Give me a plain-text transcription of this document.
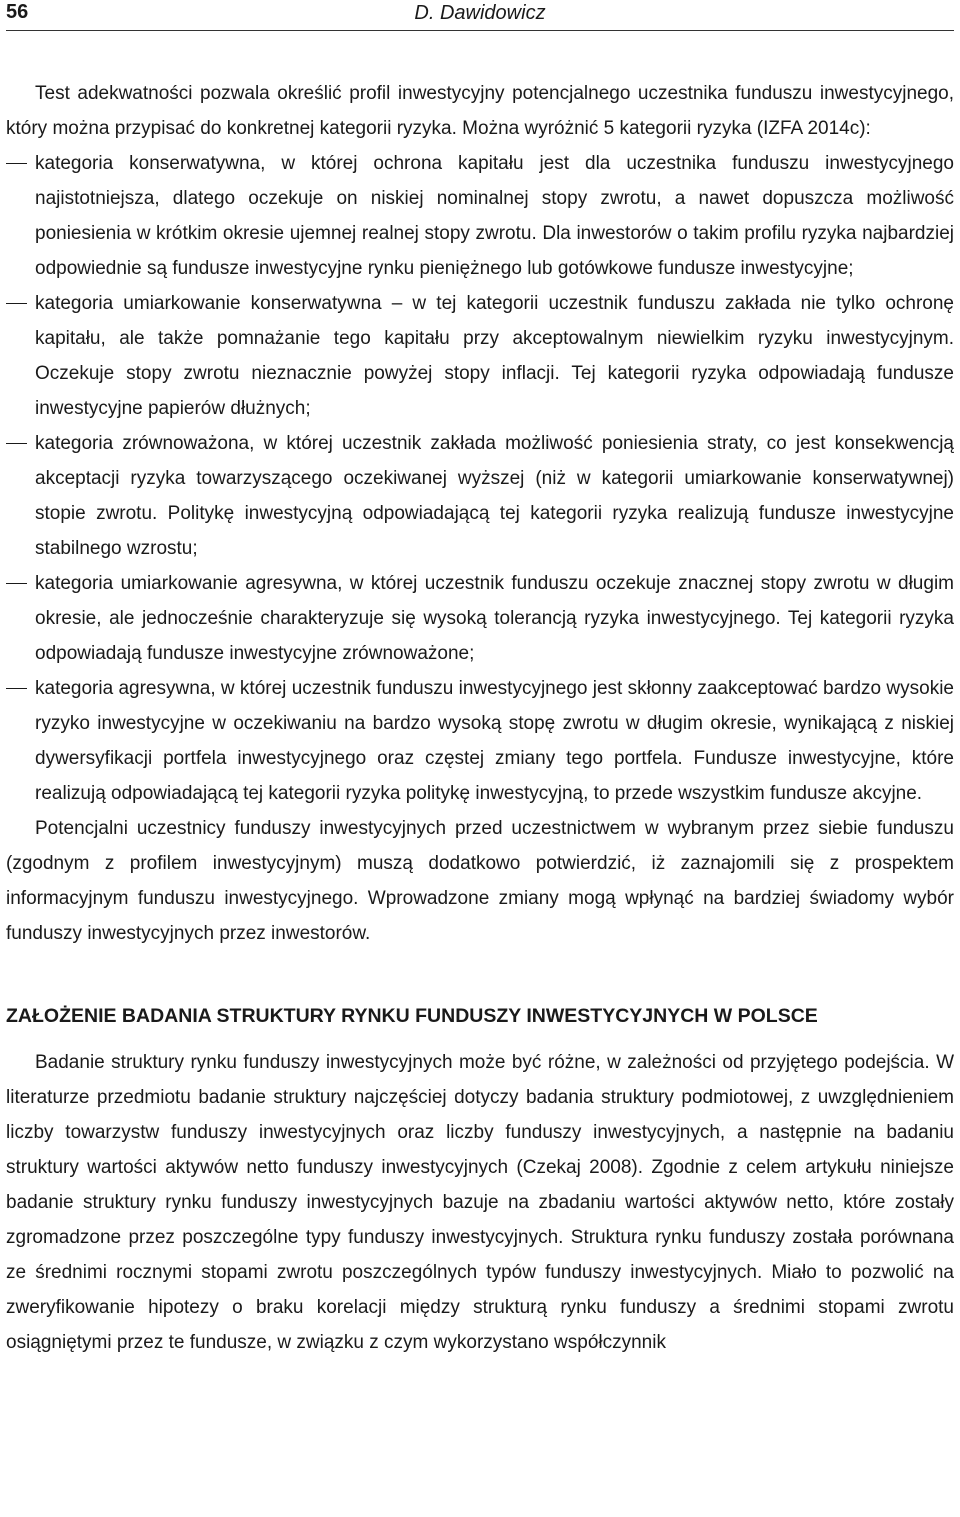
56	D. Dawidowicz

Test adekwatności pozwala określić profil inwestycyjny potencjalnego uczestnika funduszu inwestycyjnego, który można przypisać do konkretnej kategorii ryzyka. Można wyróżnić 5 kategorii ryzyka (IZFA 2014c):

kategoria konserwatywna, w której ochrona kapitału jest dla uczestnika funduszu inwestycyjnego najistotniejsza, dlatego oczekuje on niskiej nominalnej stopy zwrotu, a nawet dopuszcza możliwość poniesienia w krótkim okresie ujemnej realnej stopy zwrotu. Dla inwestorów o takim profilu ryzyka najbardziej odpowiednie są fundusze inwestycyjne rynku pieniężnego lub gotówkowe fundusze inwestycyjne;
kategoria umiarkowanie konserwatywna – w tej kategorii uczestnik funduszu zakłada nie tylko ochronę kapitału, ale także pomnażanie tego kapitału przy akceptowalnym niewielkim ryzyku inwestycyjnym. Oczekuje stopy zwrotu nieznacznie powyżej stopy inflacji. Tej kategorii ryzyka odpowiadają fundusze inwestycyjne papierów dłużnych;
kategoria zrównoważona, w której uczestnik zakłada możliwość poniesienia straty, co jest konsekwencją akceptacji ryzyka towarzyszącego oczekiwanej wyższej (niż w kategorii umiarkowanie konserwatywnej) stopie zwrotu. Politykę inwestycyjną odpowiadającą tej kategorii ryzyka realizują fundusze inwestycyjne stabilnego wzrostu;
kategoria umiarkowanie agresywna, w której uczestnik funduszu oczekuje znacznej stopy zwrotu w długim okresie, ale jednocześnie charakteryzuje się wysoką tolerancją ryzyka inwestycyjnego. Tej kategorii ryzyka odpowiadają fundusze inwestycyjne zrównoważone;
kategoria agresywna, w której uczestnik funduszu inwestycyjnego jest skłonny zaakceptować bardzo wysokie ryzyko inwestycyjne w oczekiwaniu na bardzo wysoką stopę zwrotu w długim okresie, wynikającą z niskiej dywersyfikacji portfela inwestycyjnego oraz częstej zmiany tego portfela. Fundusze inwestycyjne, które realizują odpowiadającą tej kategorii ryzyka politykę inwestycyjną, to przede wszystkim fundusze akcyjne.

Potencjalni uczestnicy funduszy inwestycyjnych przed uczestnictwem w wybranym przez siebie funduszu (zgodnym z profilem inwestycyjnym) muszą dodatkowo potwierdzić, iż zaznajomili się z prospektem informacyjnym funduszu inwestycyjnego. Wprowadzone zmiany mogą wpłynąć na bardziej świadomy wybór funduszy inwestycyjnych przez inwestorów.

ZAŁOŻENIE BADANIA STRUKTURY RYNKU FUNDUSZY INWESTYCYJNYCH W POLSCE

Badanie struktury rynku funduszy inwestycyjnych może być różne, w zależności od przyjętego podejścia. W literaturze przedmiotu badanie struktury najczęściej dotyczy badania struktury podmiotowej, z uwzględnieniem liczby towarzystw funduszy inwestycyjnych oraz liczby funduszy inwestycyjnych, a następnie na badaniu struktury wartości aktywów netto funduszy inwestycyjnych (Czekaj 2008). Zgodnie z celem artykułu niniejsze badanie struktury rynku funduszy inwestycyjnych bazuje na zbadaniu wartości aktywów netto, które zostały zgromadzone przez poszczególne typy funduszy inwestycyjnych. Struktura rynku funduszy została porównana ze średnimi rocznymi stopami zwrotu poszczególnych typów funduszy inwestycyjnych. Miało to pozwolić na zweryfikowanie hipotezy o braku korelacji między strukturą rynku funduszy a średnimi stopami zwrotu osiągniętymi przez te fundusze, w związku z czym wykorzystano współczynnik
